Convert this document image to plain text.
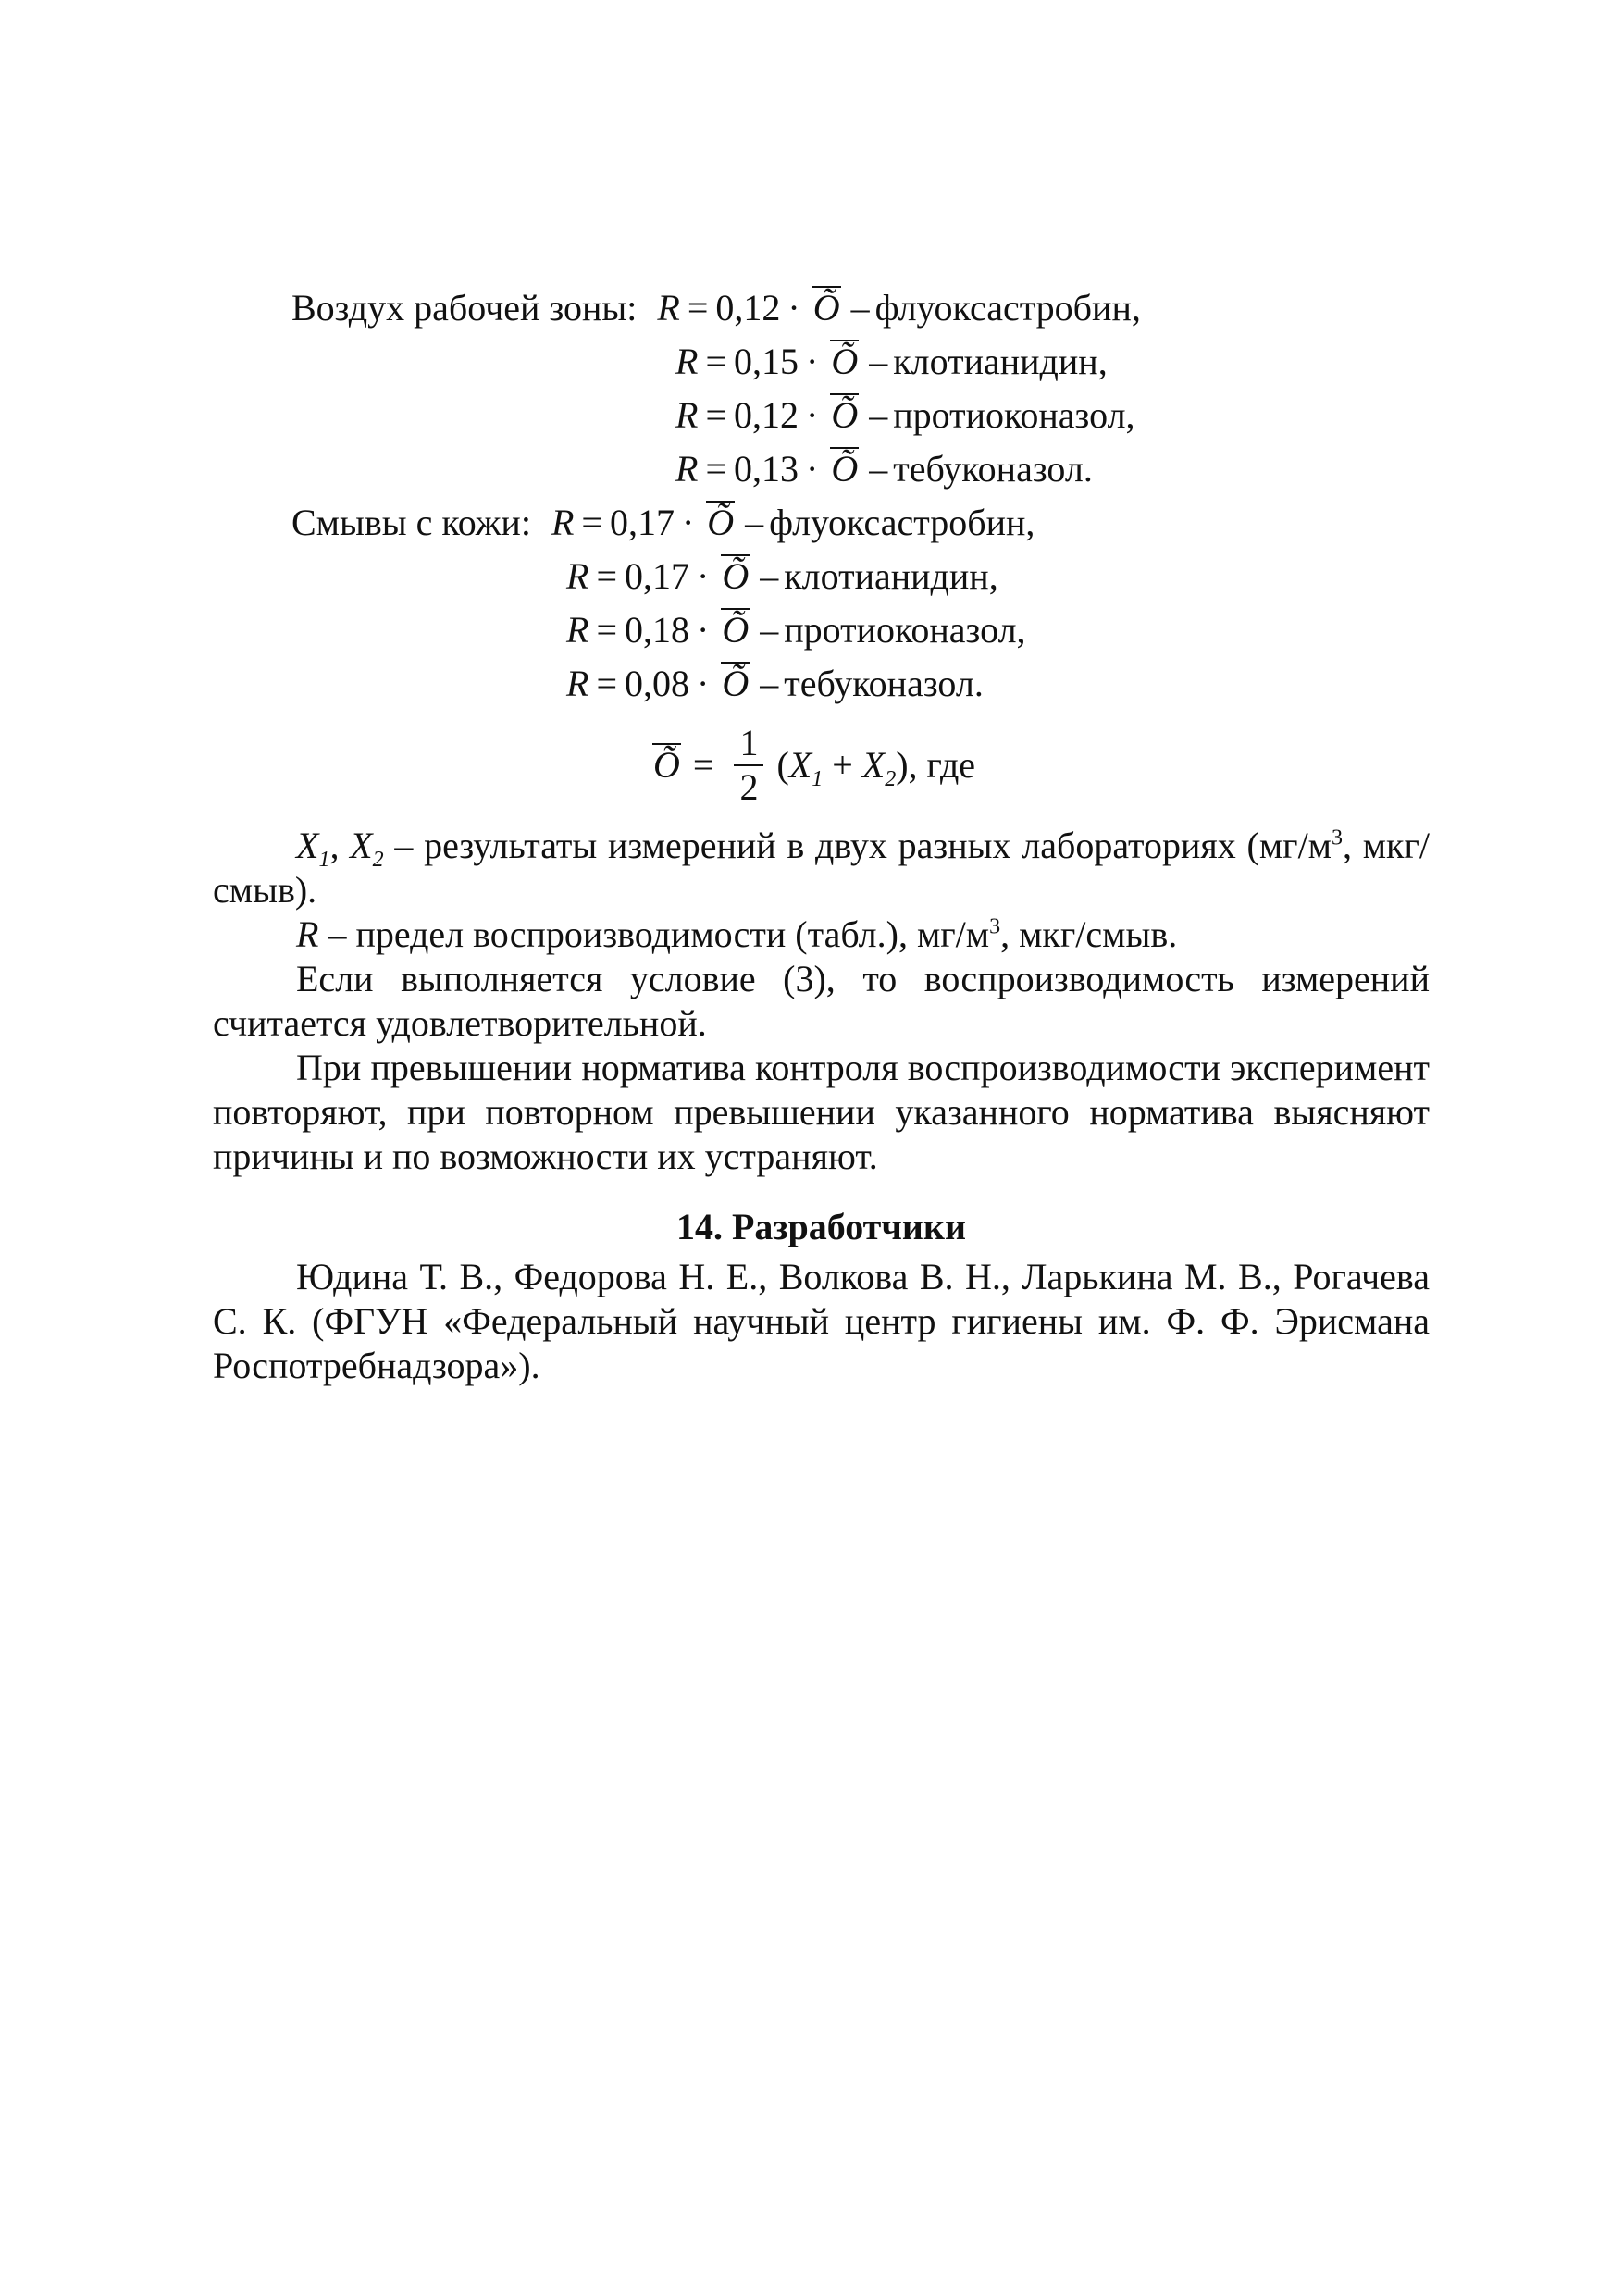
Воздух рабочей зоны: R = 0,12 · Õ – флуоксастробин,
R = 0,15 · Õ – клотианидин,
R = 0,12 · Õ – протиоконазол,
R = 0,13 · Õ – тебуконазол.
Смывы с кожи: R = 0,17 · Õ – флуоксастробин,
R = 0,17 · Õ – клотианидин,
R = 0,18 · Õ – протиоконазол,
R = 0,08 · Õ – тебуконазол.
Õ = $\frac{1}{2} (X_1 + X_2)$, где

$X_1$, $X_2$ – результаты измерений в двух разных лабораториях ($мг/м^3$, мкг/смыв).

R – предел воспроизводимости (табл.), $мг/м^3$, мкг/смыв.

Если выполняется условие (3), то воспроизводимость измерений считается удовлетворительной.

При превышении норматива контроля воспроизводимости эксперимент повторяют, при повторном превышении указанного норматива выясняют причины и по возможности их устраняют.

14. Разработчики

Юдина Т. В., Федорова Н. Е., Волкова В. Н., Ларькина М. В., Рогачева С. К. (ФГУН «Федеральный научный центр гигиены им. Ф. Ф. Эрисмана Роспотребнадзора»).
